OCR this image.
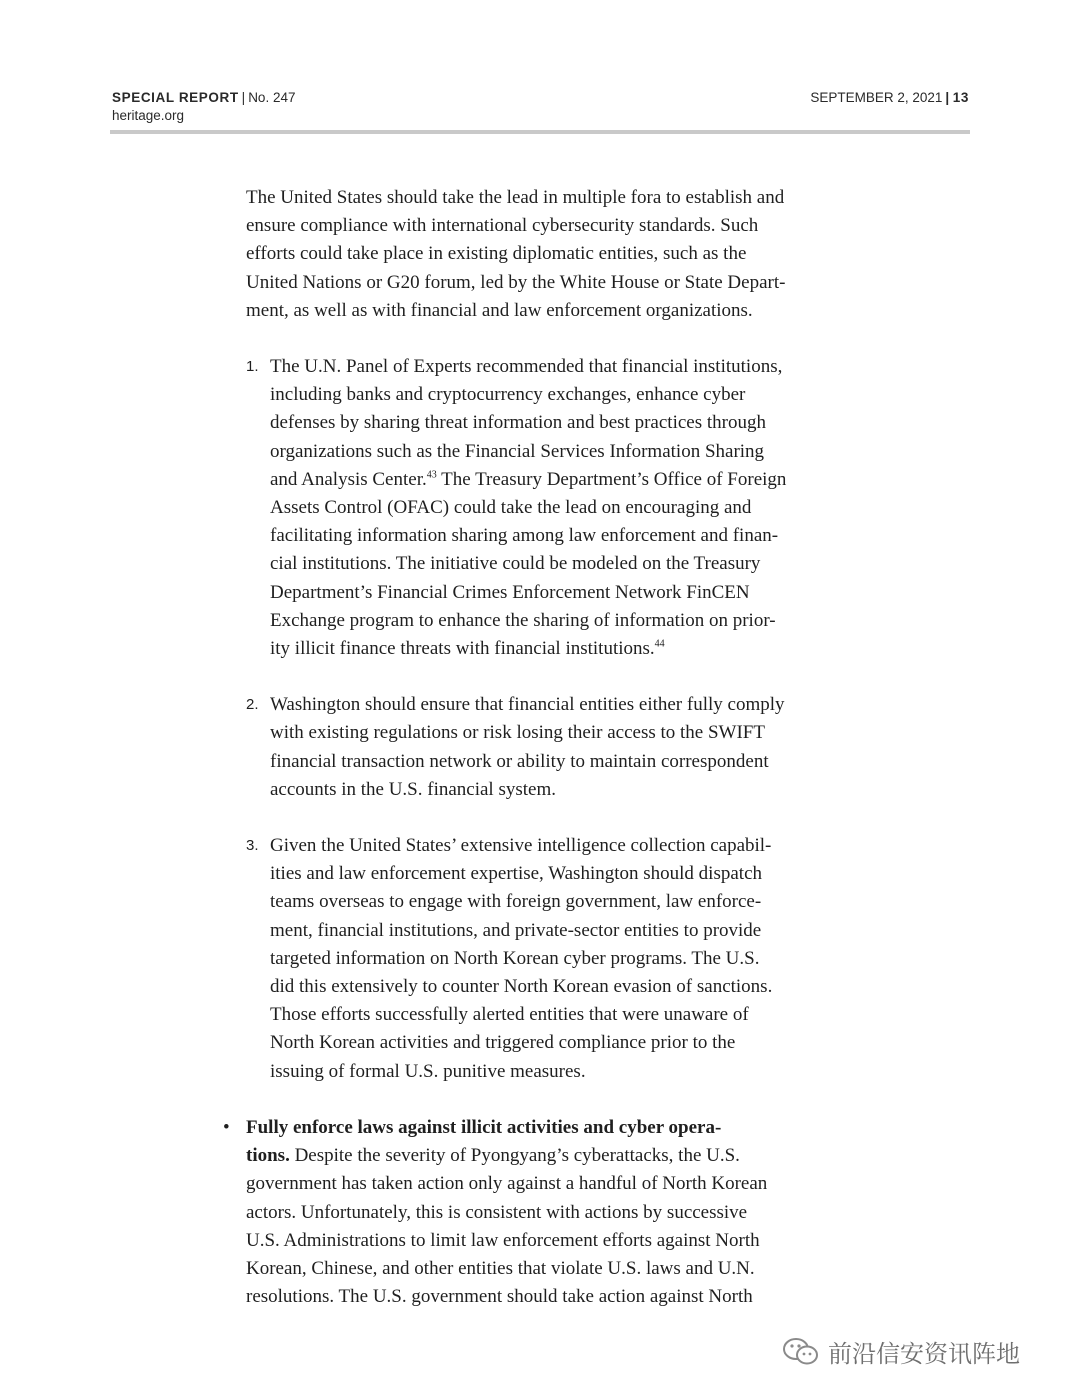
SPECIAL REPORT | No. 247
heritage.org
SEPTEMBER 2, 2021 | 13

The United States should take the lead in multiple fora to establish and
ensure compliance with international cybersecurity standards. Such
efforts could take place in existing diplomatic entities, such as the
United Nations or G20 forum, led by the White House or State Depart-
ment, as well as with financial and law enforcement organizations.

1. The U.N. Panel of Experts recommended that financial institutions,
including banks and cryptocurrency exchanges, enhance cyber
defenses by sharing threat information and best practices through
organizations such as the Financial Services Information Sharing
and Analysis Center.$^{43}$ The Treasury Department’s Office of Foreign
Assets Control (OFAC) could take the lead on encouraging and
facilitating information sharing among law enforcement and finan-
cial institutions. The initiative could be modeled on the Treasury
Department’s Financial Crimes Enforcement Network FinCEN
Exchange program to enhance the sharing of information on prior-
ity illicit finance threats with financial institutions.$^{44}$
2. Washington should ensure that financial entities either fully comply
with existing regulations or risk losing their access to the SWIFT
financial transaction network or ability to maintain correspondent
accounts in the U.S. financial system.
3. Given the United States’ extensive intelligence collection capabil-
ities and law enforcement expertise, Washington should dispatch
teams overseas to engage with foreign government, law enforce-
ment, financial institutions, and private-sector entities to provide
targeted information on North Korean cyber programs. The U.S.
did this extensively to counter North Korean evasion of sanctions.
Those efforts successfully alerted entities that were unaware of
North Korean activities and triggered compliance prior to the
issuing of formal U.S. punitive measures.
• Fully enforce laws against illicit activities and cyber opera-
tions. Despite the severity of Pyongyang’s cyberattacks, the U.S.
government has taken action only against a handful of North Korean
actors. Unfortunately, this is consistent with actions by successive
U.S. Administrations to limit law enforcement efforts against North
Korean, Chinese, and other entities that violate U.S. laws and U.N.
resolutions. The U.S. government should take action against North
前沿信安资讯阵地
